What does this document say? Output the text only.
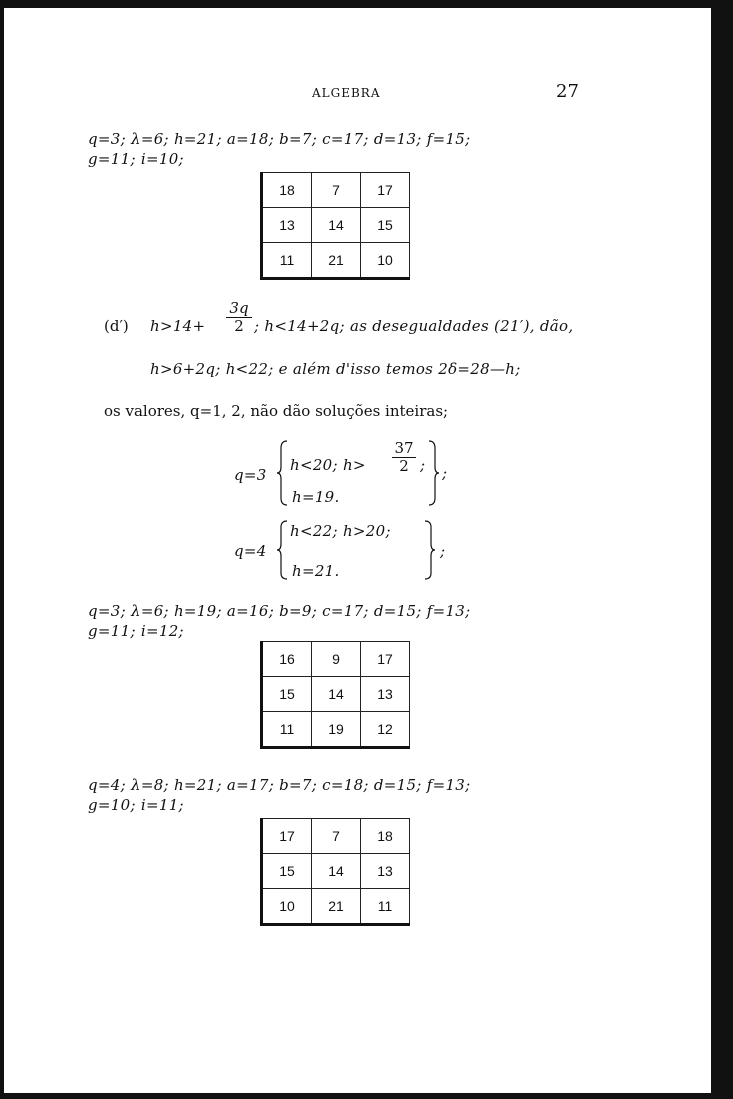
ALGEBRA	27
q=3; λ=6; h=21; a=18; b=7; c=17; d=13; f=15;
g=11; i=10;
18	7	17
13	14	15
11	21	10
(d′) $h>14+ \frac{3q}{2}$ ; h<14+2q; as desegualdades (21′), dão,
h>6+2q; h<22; e além d'isso temos 2δ=28—h;
os valores, q=1, 2, não dão soluções inteiras;
q=3
h<20; $h> \frac{37}{2}$ ;
h=19.
;
q=4
h<22; h>20;
h=21.
;
q=3; λ=6; h=19; a=16; b=9; c=17; d=15; f=13;
g=11; i=12;
16	9	17
15	14	13
11	19	12
q=4; λ=8; h=21; a=17; b=7; c=18; d=15; f=13;
g=10; i=11;
17	7	18
15	14	13
10	21	11
